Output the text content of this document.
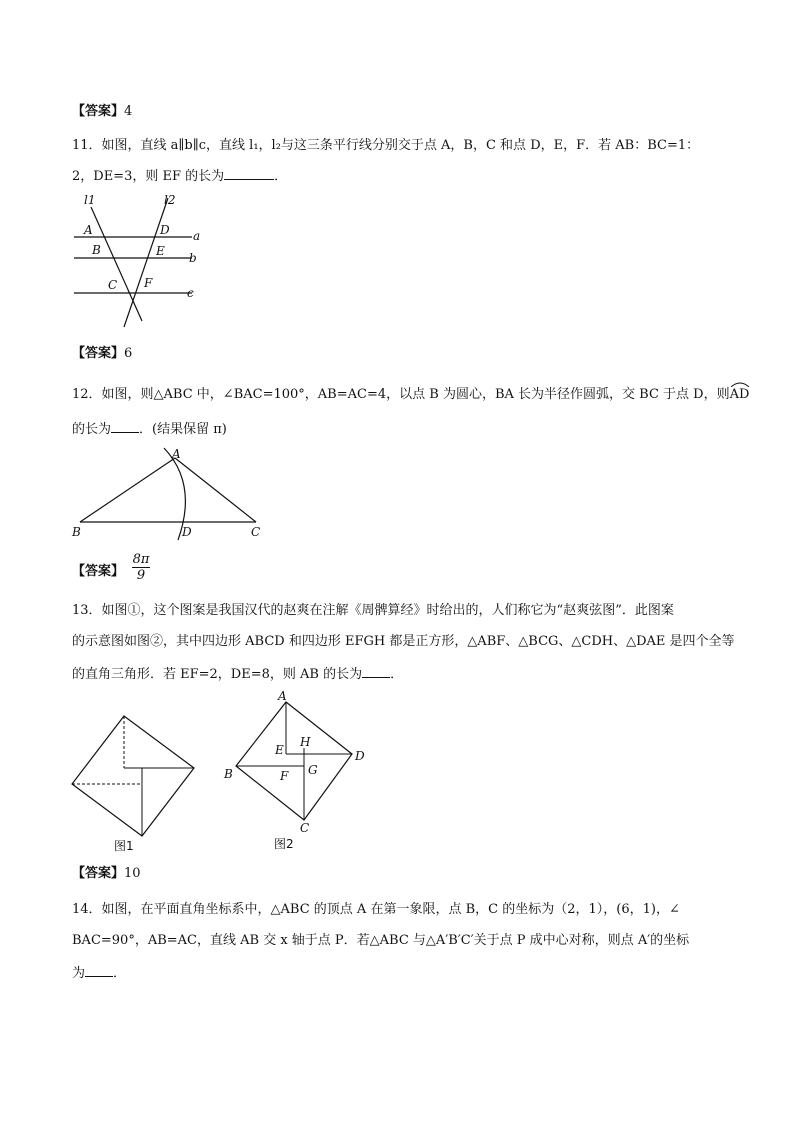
【答案】4
11．如图，直线 a∥b∥c，直线 l₁，l₂与这三条平行线分别交于点 A，B，C 和点 D，E，F．若 AB：BC=1：
2，DE=3，则 EF 的长为	．
l1	l2
A
B
C
D
E
F
a
b
c
【答案】6
12．如图，则△ABC 中，∠BAC=100°，AB=AC=4，以点 B 为圆心，BA 长为半径作圆弧，交 BC 于点 D，则
AD
的长为 ．(结果保留 π)
A
B	C
D
【答案】 $\frac{8\pi}{9}$
13．如图①，这个图案是我国汉代的赵爽在注解《周髀算经》时给出的，人们称它为“赵爽弦图”．此图案
的示意图如图②，其中四边形 ABCD 和四边形 EFGH 都是正方形，△ABF、△BCG、△CDH、△DAE 是四个全等
的直角三角形．若 EF=2，DE=8，则 AB 的长为 ．
图1
A
B
C
D
E
F G
H
图2
【答案】10
14．如图，在平面直角坐标系中，△ABC 的顶点 A 在第一象限，点 B，C 的坐标为（2，1），(6，1)，∠
BAC=90°，AB=AC，直线 AB 交 x 轴于点 P．若△ABC 与△A′B′C′关于点 P 成中心对称，则点 A′的坐标
为 ．
